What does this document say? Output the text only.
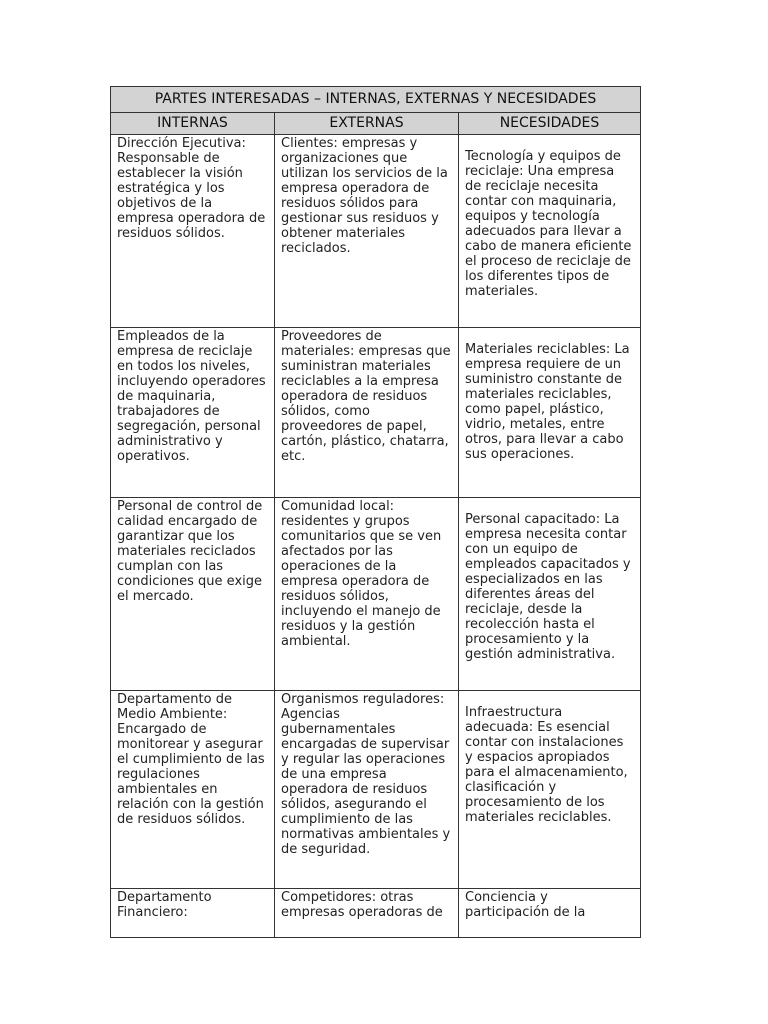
PARTES INTERESADAS – INTERNAS, EXTERNAS Y NECESIDADES		
INTERNAS	EXTERNAS	NECESIDADES
Dirección Ejecutiva: Responsable de establecer la visión estratégica y los objetivos de la empresa operadora de residuos sólidos.	Clientes: empresas y organizaciones que utilizan los servicios de la empresa operadora de residuos sólidos para gestionar sus residuos y obtener materiales reciclados.	Tecnología y equipos de reciclaje: Una empresa de reciclaje necesita contar con maquinaria, equipos y tecnología adecuados para llevar a cabo de manera eficiente el proceso de reciclaje de los diferentes tipos de materiales.
Empleados de la empresa de reciclaje en todos los niveles, incluyendo operadores de maquinaria, trabajadores de segregación, personal administrativo y operativos.	Proveedores de materiales: empresas que suministran materiales reciclables a la empresa operadora de residuos sólidos, como proveedores de papel, cartón, plástico, chatarra, etc.	Materiales reciclables: La empresa requiere de un suministro constante de materiales reciclables, como papel, plástico, vidrio, metales, entre otros, para llevar a cabo sus operaciones.
Personal de control de calidad encargado de garantizar que los materiales reciclados cumplan con las condiciones que exige el mercado.	Comunidad local: residentes y grupos comunitarios que se ven afectados por las operaciones de la empresa operadora de residuos sólidos, incluyendo el manejo de residuos y la gestión ambiental.	Personal capacitado: La empresa necesita contar con un equipo de empleados capacitados y especializados en las diferentes áreas del reciclaje, desde la recolección hasta el procesamiento y la gestión administrativa.
Departamento de Medio Ambiente: Encargado de monitorear y asegurar el cumplimiento de las regulaciones ambientales en relación con la gestión de residuos sólidos.	Organismos reguladores: Agencias gubernamentales encargadas de supervisar y regular las operaciones de una empresa operadora de residuos sólidos, asegurando el cumplimiento de las normativas ambientales y de seguridad.	Infraestructura adecuada: Es esencial contar con instalaciones y espacios apropiados para el almacenamiento, clasificación y procesamiento de los materiales reciclables.
Departamento Financiero:	Competidores: otras empresas operadoras de	Conciencia y participación de la
